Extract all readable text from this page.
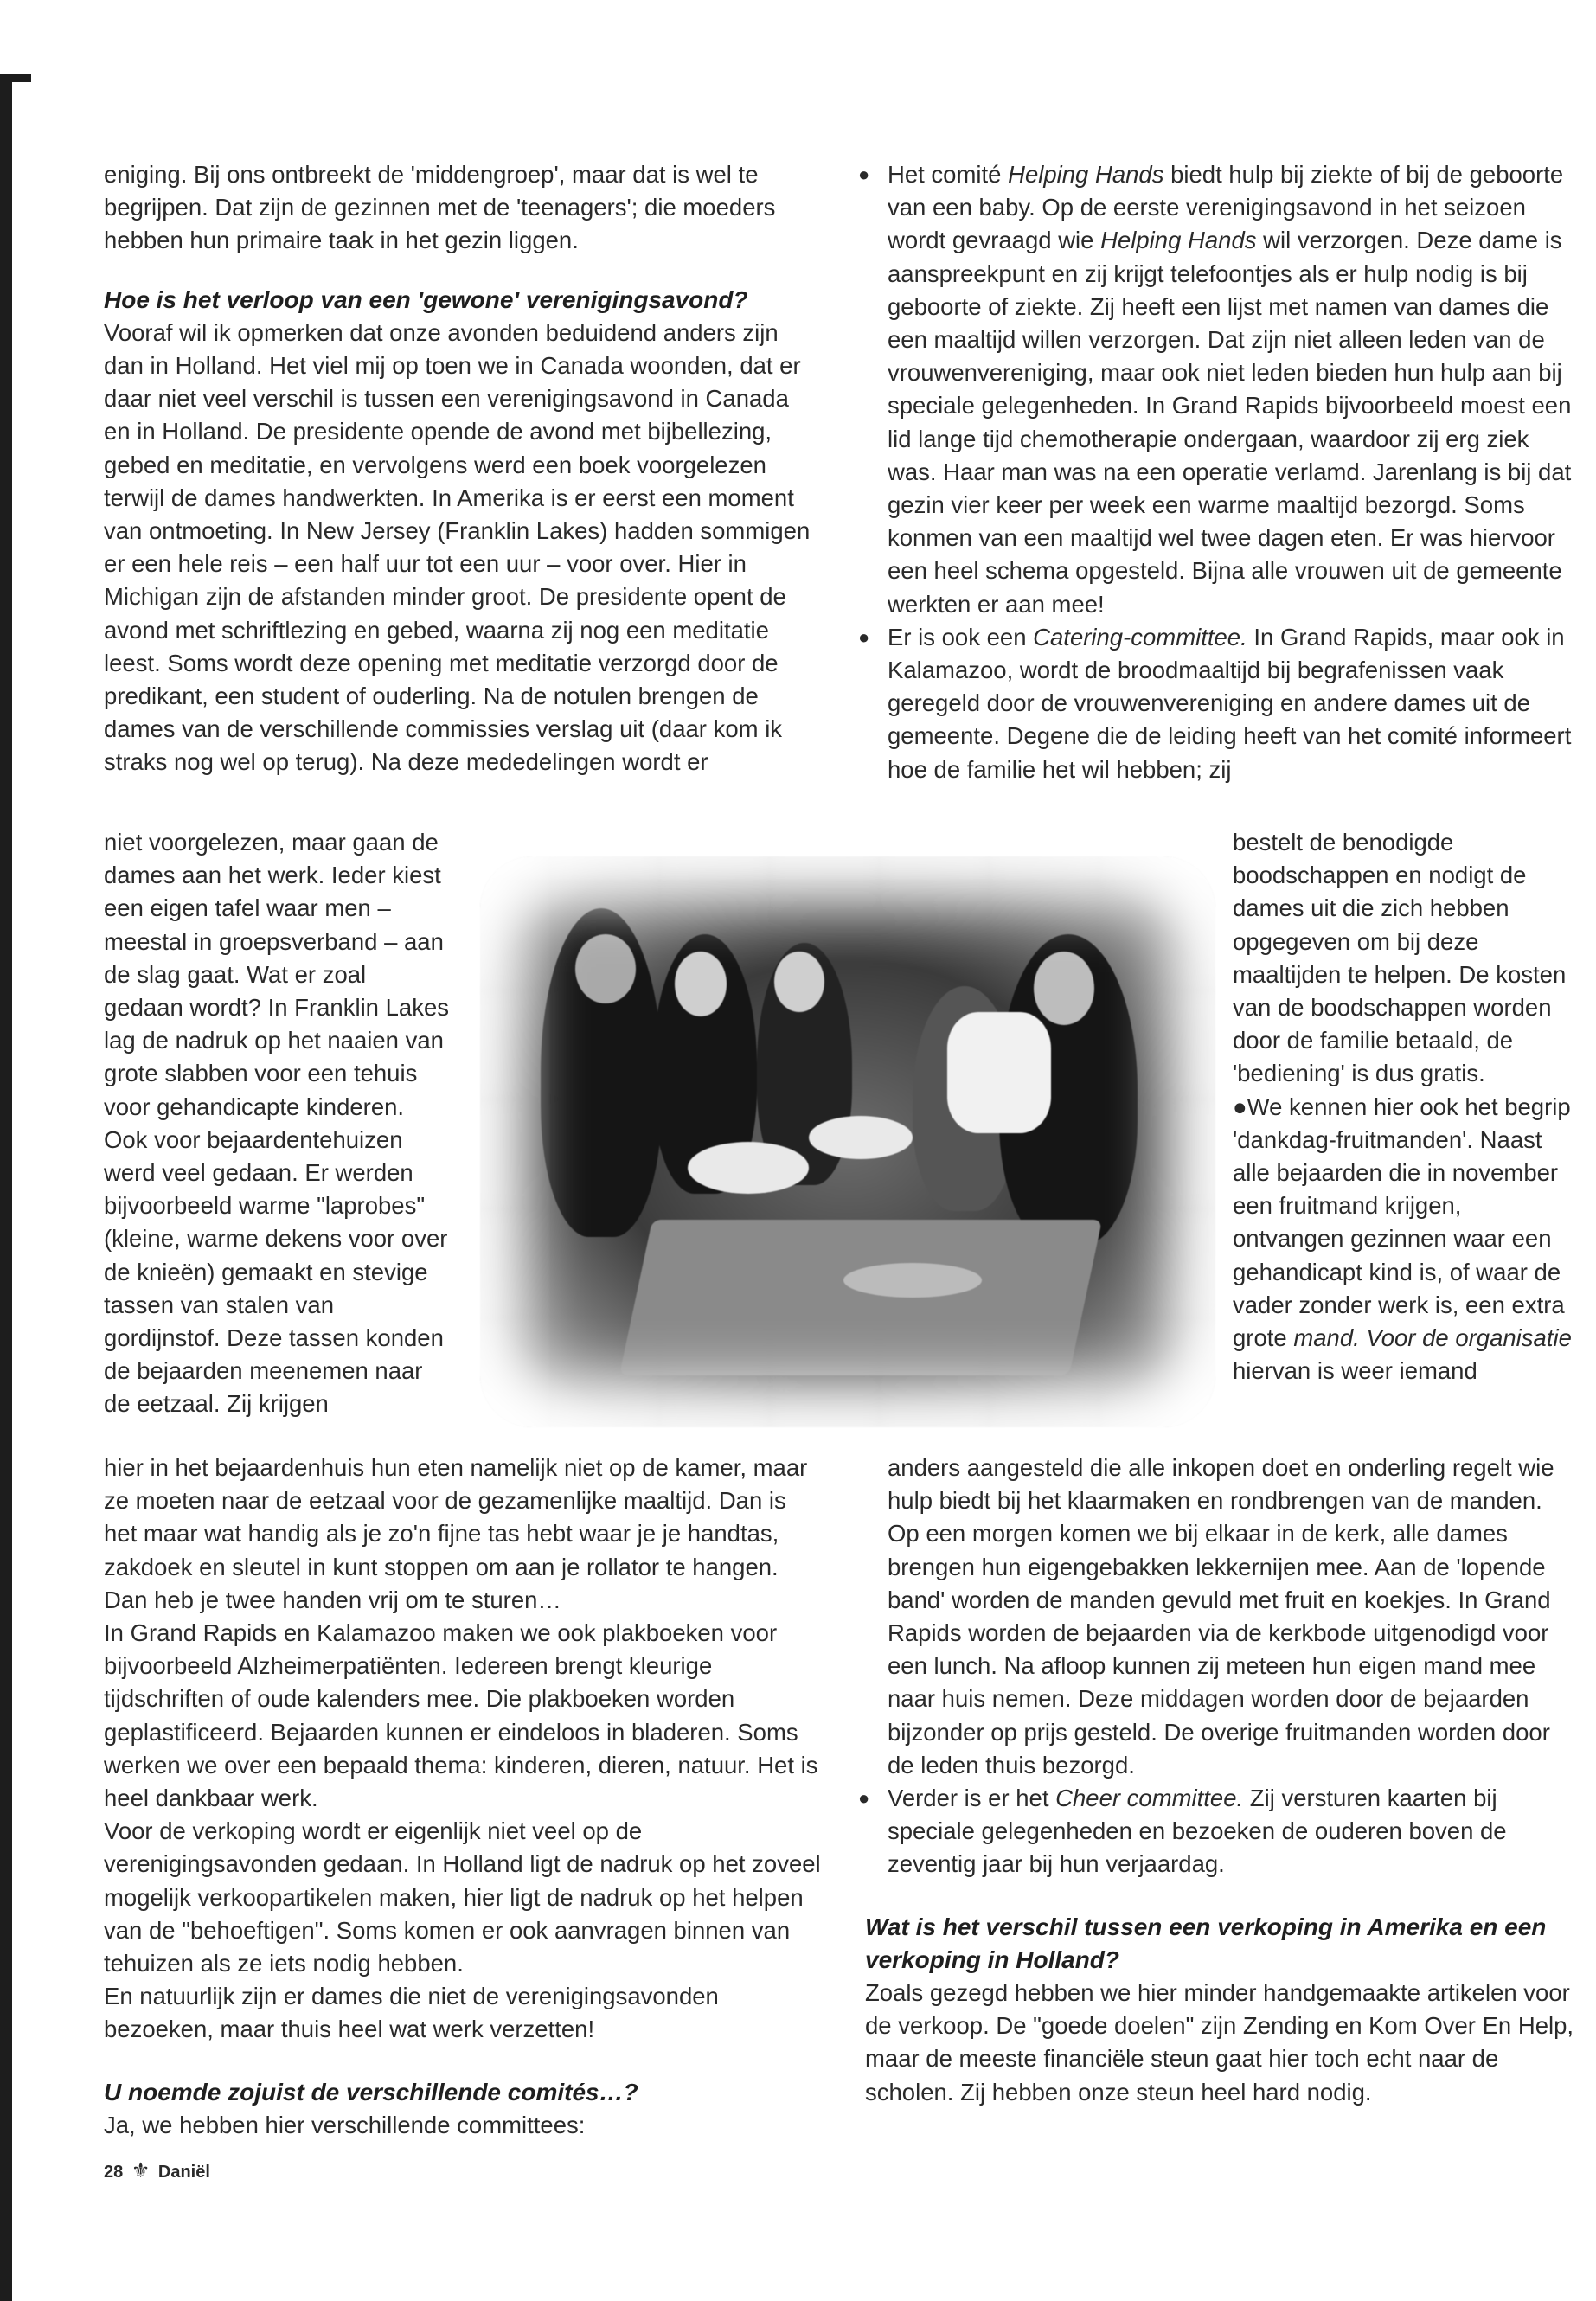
eniging. Bij ons ontbreekt de 'middengroep', maar dat is wel te begrijpen. Dat zijn de gezinnen met de 'teenagers'; die moeders hebben hun primaire taak in het gezin liggen.

Hoe is het verloop van een 'gewone' verenigingsavond?

Vooraf wil ik opmerken dat onze avonden beduidend anders zijn dan in Holland. Het viel mij op toen we in Canada woonden, dat er daar niet veel verschil is tussen een verenigingsavond in Canada en in Holland. De presidente opende de avond met bijbellezing, gebed en meditatie, en vervolgens werd een boek voorgelezen terwijl de dames handwerkten. In Amerika is er eerst een moment van ontmoeting. In New Jersey (Franklin Lakes) hadden sommigen er een hele reis – een half uur tot een uur – voor over. Hier in Michigan zijn de afstanden minder groot. De presidente opent de avond met schriftlezing en gebed, waarna zij nog een meditatie leest. Soms wordt deze opening met meditatie verzorgd door de predikant, een student of ouderling. Na de notulen brengen de dames van de verschillende commissies verslag uit (daar kom ik straks nog wel op terug). Na deze mededelingen wordt er

● Het comité Helping Hands biedt hulp bij ziekte of bij de geboorte van een baby. Op de eerste verenigingsavond in het seizoen wordt gevraagd wie Helping Hands wil verzorgen. Deze dame is aanspreekpunt en zij krijgt telefoontjes als er hulp nodig is bij geboorte of ziekte. Zij heeft een lijst met namen van dames die een maaltijd willen verzorgen. Dat zijn niet alleen leden van de vrouwenvereniging, maar ook niet leden bieden hun hulp aan bij speciale gelegenheden. In Grand Rapids bijvoorbeeld moest een lid lange tijd chemotherapie ondergaan, waardoor zij erg ziek was. Haar man was na een operatie verlamd. Jarenlang is bij dat gezin vier keer per week een warme maaltijd bezorgd. Soms konmen van een maaltijd wel twee dagen eten. Er was hiervoor een heel schema opgesteld. Bijna alle vrouwen uit de gemeente werkten er aan mee!
● Er is ook een Catering-committee. In Grand Rapids, maar ook in Kalamazoo, wordt de broodmaaltijd bij begrafenissen vaak geregeld door de vrouwenvereniging en andere dames uit de gemeente. Degene die de leiding heeft van het comité informeert hoe de familie het wil hebben; zij
niet voorgelezen, maar gaan de dames aan het werk. Ieder kiest een eigen tafel waar men – meestal in groepsverband – aan de slag gaat. Wat er zoal gedaan wordt? In Franklin Lakes lag de nadruk op het naaien van grote slabben voor een tehuis voor gehandicapte kinderen. Ook voor bejaardentehuizen werd veel gedaan. Er werden bijvoorbeeld warme "laprobes" (kleine, warme dekens voor over de knieën) gemaakt en stevige tassen van stalen van gordijnstof. Deze tassen konden de bejaarden meenemen naar de eetzaal. Zij krijgen

bestelt de benodigde boodschappen en nodigt de dames uit die zich hebben opgegeven om bij deze maaltijden te helpen. De kosten van de boodschappen worden door de familie betaald, de 'bediening' is dus gratis.

●We kennen hier ook het begrip 'dankdag-fruitmanden'. Naast alle bejaarden die in november een fruitmand krijgen, ontvangen gezinnen waar een gehandicapt kind is, of waar de vader zonder werk is, een extra grote mand. Voor de organisatie hiervan is weer iemand

hier in het bejaardenhuis hun eten namelijk niet op de kamer, maar ze moeten naar de eetzaal voor de gezamenlijke maaltijd. Dan is het maar wat handig als je zo'n fijne tas hebt waar je je handtas, zakdoek en sleutel in kunt stoppen om aan je rollator te hangen. Dan heb je twee handen vrij om te sturen…

In Grand Rapids en Kalamazoo maken we ook plakboeken voor bijvoorbeeld Alzheimerpatiënten. Iedereen brengt kleurige tijdschriften of oude kalenders mee. Die plakboeken worden geplastificeerd. Bejaarden kunnen er eindeloos in bladeren. Soms werken we over een bepaald thema: kinderen, dieren, natuur. Het is heel dankbaar werk.

Voor de verkoping wordt er eigenlijk niet veel op de verenigingsavonden gedaan. In Holland ligt de nadruk op het zoveel mogelijk verkoopartikelen maken, hier ligt de nadruk op het helpen van de "behoeftigen". Soms komen er ook aanvragen binnen van tehuizen als ze iets nodig hebben.

En natuurlijk zijn er dames die niet de verenigingsavonden bezoeken, maar thuis heel wat werk verzetten!

U noemde zojuist de verschillende comités…?

Ja, we hebben hier verschillende committees:

anders aangesteld die alle inkopen doet en onderling regelt wie hulp biedt bij het klaarmaken en rondbrengen van de manden. Op een morgen komen we bij elkaar in de kerk, alle dames brengen hun eigengebakken lekkernijen mee. Aan de 'lopende band' worden de manden gevuld met fruit en koekjes. In Grand Rapids worden de bejaarden via de kerkbode uitgenodigd voor een lunch. Na afloop kunnen zij meteen hun eigen mand mee naar huis nemen. Deze middagen worden door de bejaarden bijzonder op prijs gesteld. De overige fruitmanden worden door de leden thuis bezorgd.

● Verder is er het Cheer committee. Zij versturen kaarten bij speciale gelegenheden en bezoeken de ouderen boven de zeventig jaar bij hun verjaardag.

Wat is het verschil tussen een verkoping in Amerika en een verkoping in Holland?

Zoals gezegd hebben we hier minder handgemaakte artikelen voor de verkoop. De "goede doelen" zijn Zending en Kom Over En Help, maar de meeste financiële steun gaat hier toch echt naar de scholen. Zij hebben onze steun heel hard nodig.

28 ⚜ Daniël
